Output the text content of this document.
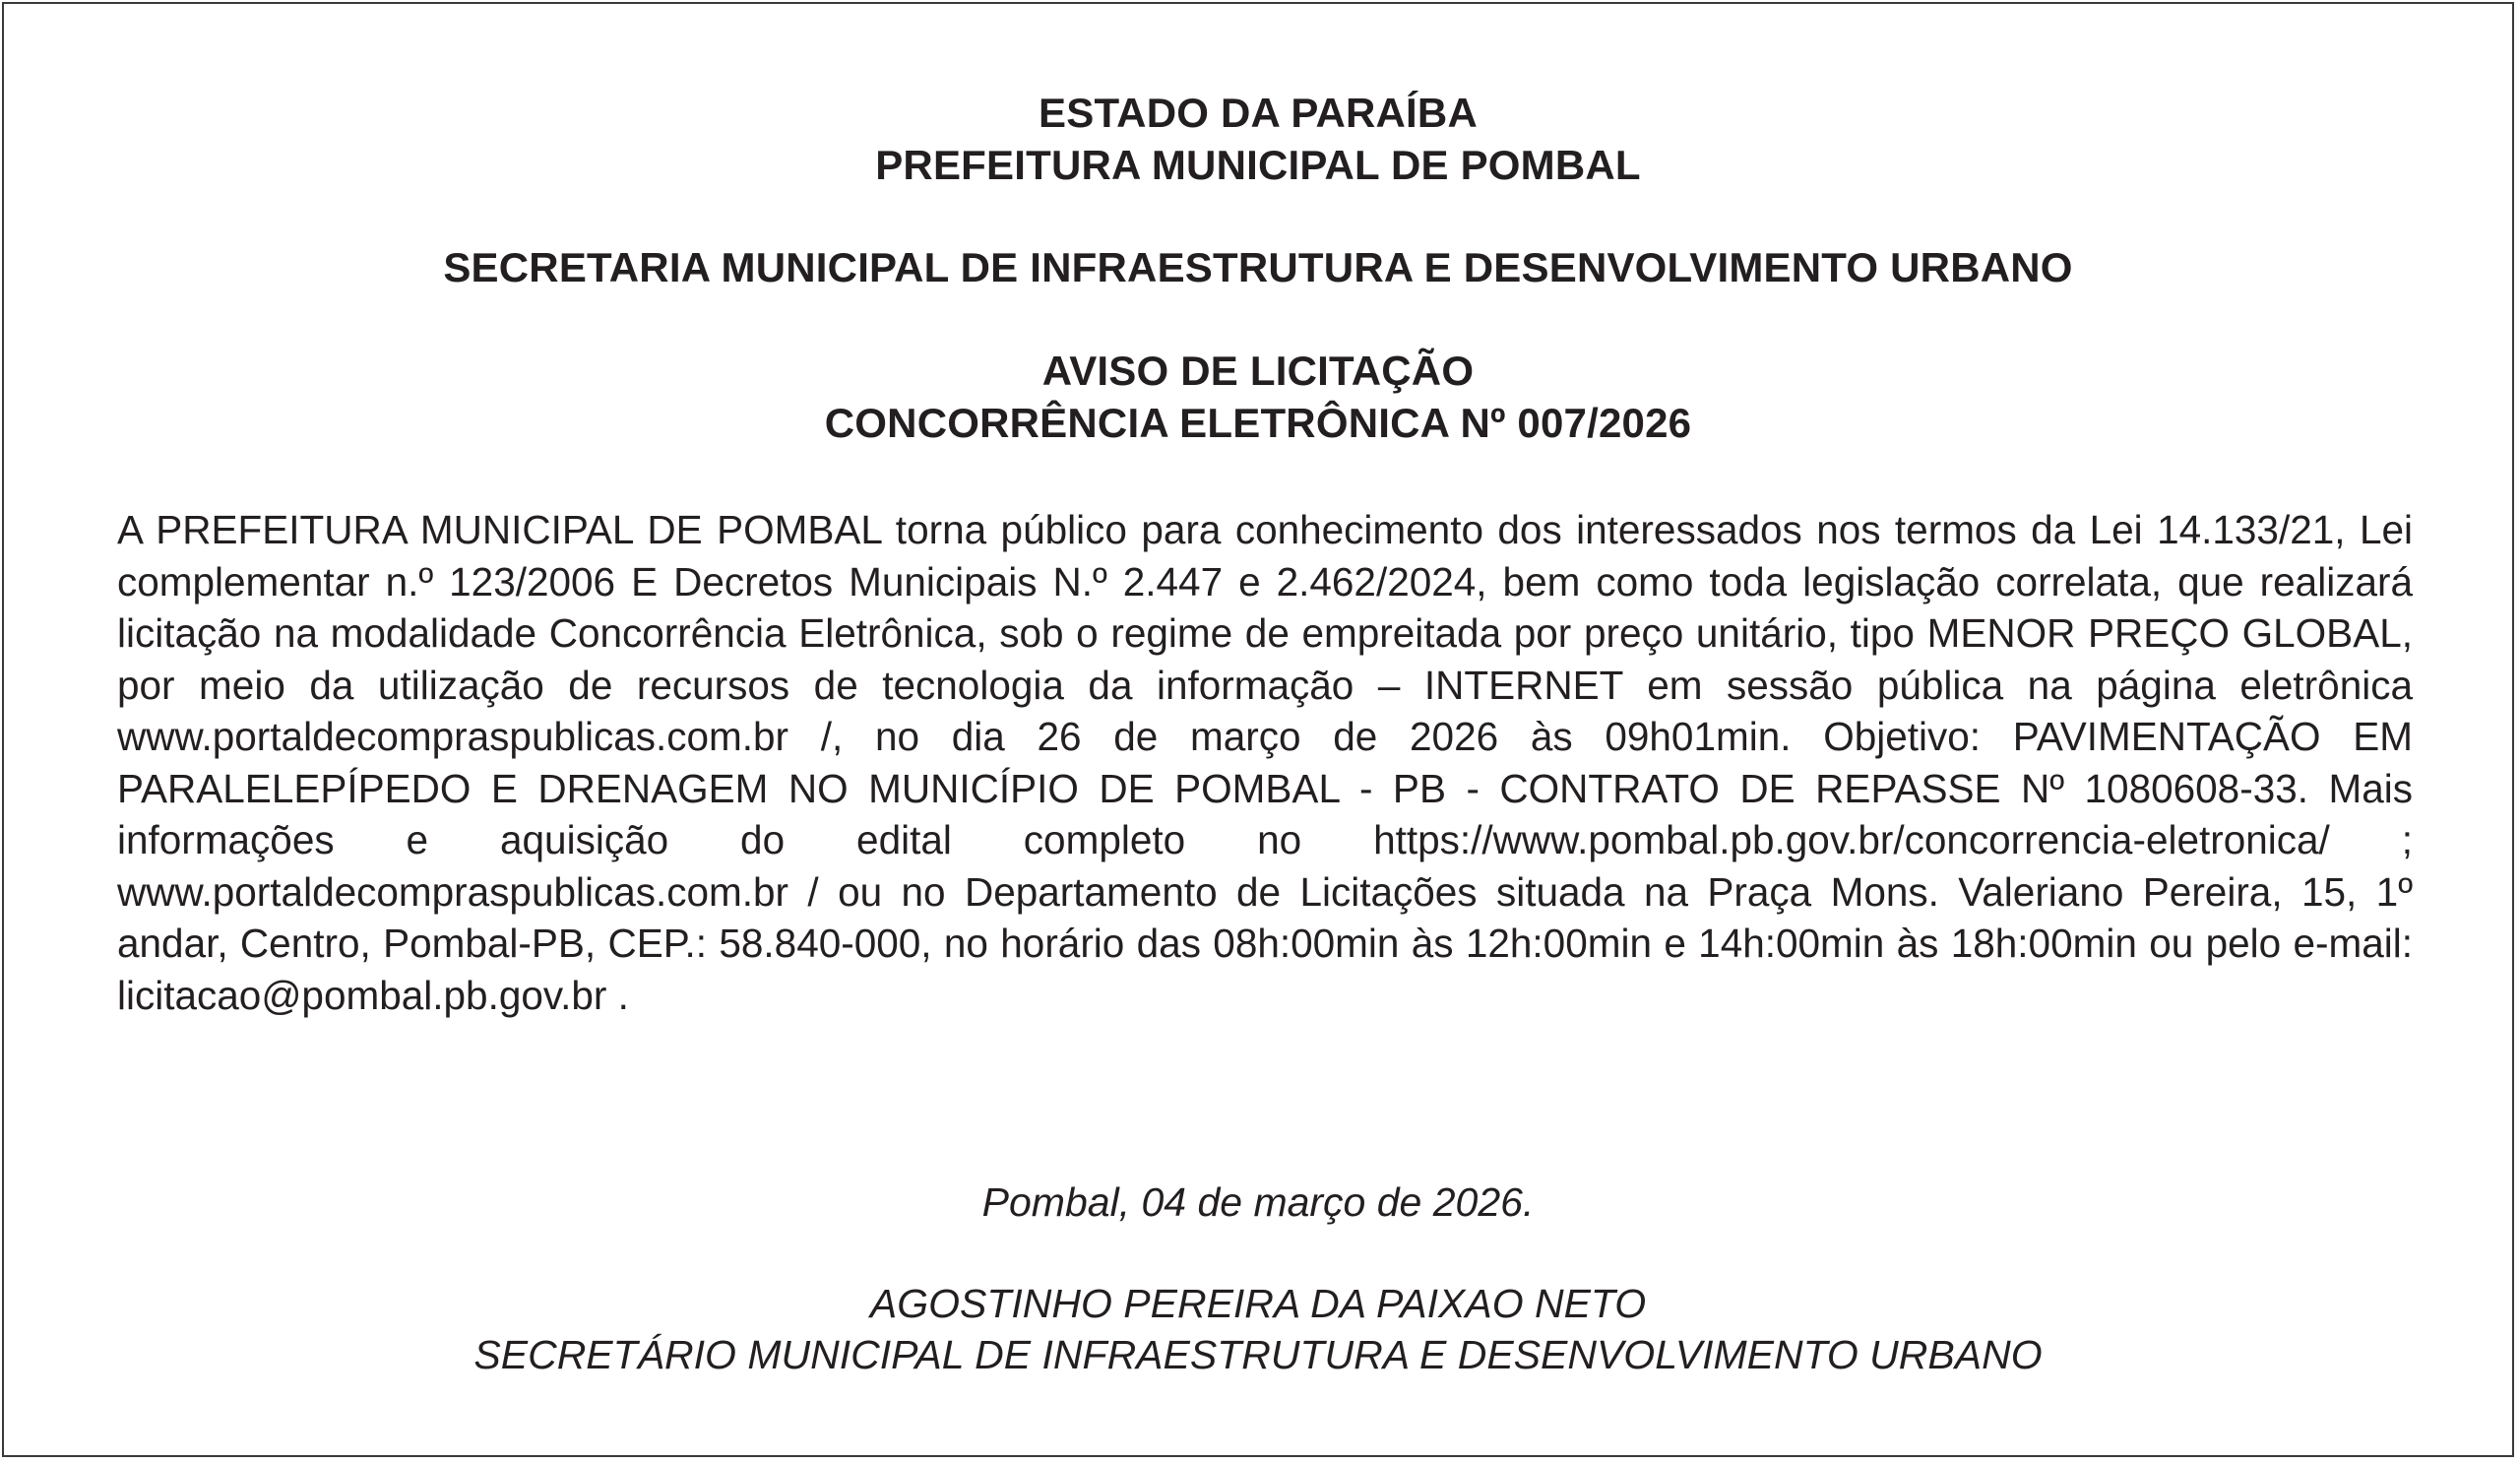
ESTADO DA PARAÍBA
PREFEITURA MUNICIPAL DE POMBAL
SECRETARIA MUNICIPAL DE INFRAESTRUTURA E DESENVOLVIMENTO URBANO
AVISO DE LICITAÇÃO
CONCORRÊNCIA ELETRÔNICA Nº 007/2026
A PREFEITURA MUNICIPAL DE POMBAL torna público para conhecimento dos interessados nos termos da Lei 14.133/21, Lei complementar n.º 123/2006 E Decretos Municipais N.º 2.447 e 2.462/2024, bem como toda legislação correlata, que realizará licitação na modalidade Concorrência Eletrônica, sob o regime de empreitada por preço unitário, tipo MENOR PREÇO GLOBAL, por meio da utilização de recursos de tecnologia da informação – INTERNET em sessão pública na página eletrônica www.portaldecompraspublicas.com.br /, no dia 26 de março de 2026 às 09h01min. Objetivo: PAVIMENTAÇÃO EM PARALELEPÍPEDO E DRENAGEM NO MUNICÍPIO DE POMBAL - PB - CONTRATO DE REPASSE Nº 1080608-33. Mais informações e aquisição do edital completo no https://www.pombal.pb.gov.br/concorrencia-eletronica/ ; www.portaldecompraspublicas.com.br / ou no Departamento de Licitações situada na Praça Mons. Valeriano Pereira, 15, 1º andar, Centro, Pombal-PB, CEP.: 58.840-000, no horário das 08h:00min às 12h:00min e 14h:00min às 18h:00min ou pelo e-mail: licitacao@pombal.pb.gov.br .
Pombal, 04 de março de 2026.
AGOSTINHO PEREIRA DA PAIXAO NETO
SECRETÁRIO MUNICIPAL DE INFRAESTRUTURA E DESENVOLVIMENTO URBANO
